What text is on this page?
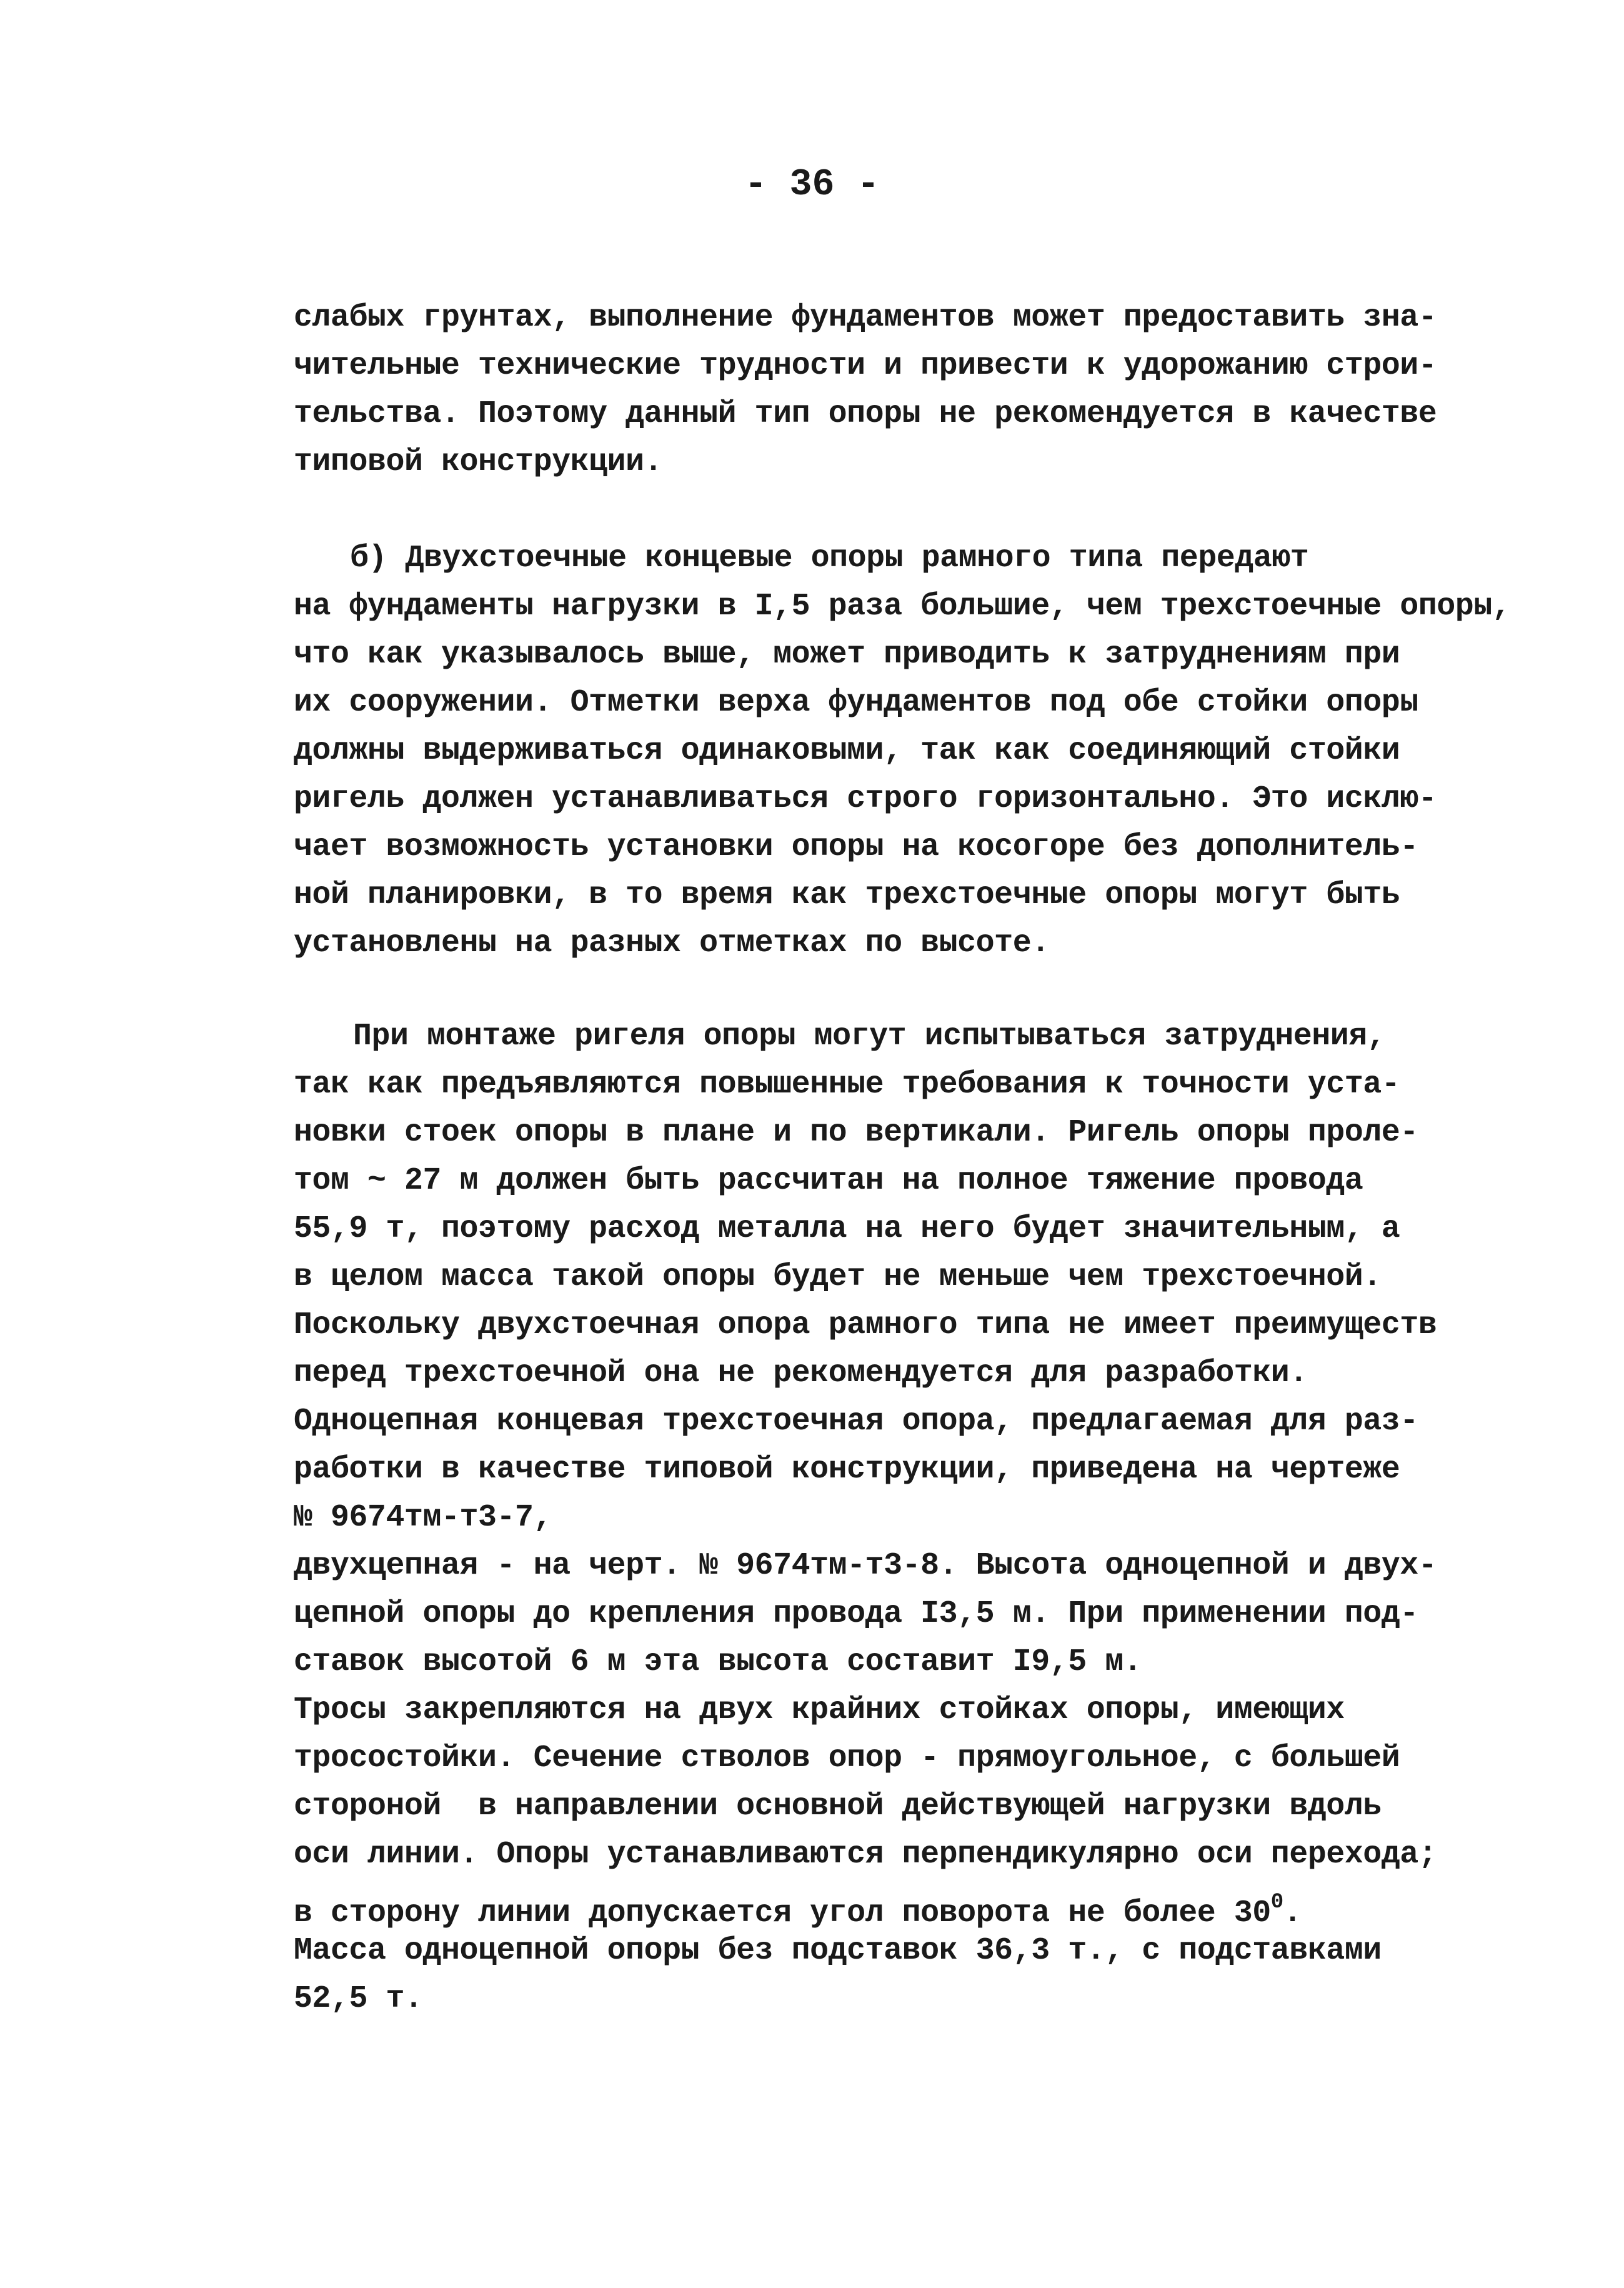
- 36 -
слабых грунтах, выполнение фундаментов может предоставить зна-
чительные технические трудности и привести к удорожанию строи-
тельства. Поэтому данный тип опоры не рекомендуется в качестве
типовой конструкции.
б) Двухстоечные концевые опоры рамного типа передают
на фундаменты нагрузки в I,5 раза большие, чем трехстоечные опоры,
что как указывалось выше, может приводить к затруднениям при
их сооружении. Отметки верха фундаментов под обе стойки опоры
должны выдерживаться одинаковыми, так как соединяющий стойки
ригель должен устанавливаться строго горизонтально. Это исклю-
чает возможность установки опоры на косогоре без дополнитель-
ной планировки, в то время как трехстоечные опоры могут быть
установлены на разных отметках по высоте.
При монтаже ригеля опоры могут испытываться затруднения,
так как предъявляются повышенные требования к точности уста-
новки стоек опоры в плане и по вертикали. Ригель опоры проле-
том ~ 27 м должен быть рассчитан на полное тяжение провода
55,9 т, поэтому расход металла на него будет значительным, а
в целом масса такой опоры будет не меньше чем трехстоечной.
Поскольку двухстоечная опора рамного типа не имеет преимуществ
перед трехстоечной она не рекомендуется для разработки.
Одноцепная концевая трехстоечная опора, предлагаемая для раз-
работки в качестве типовой конструкции, приведена на чертеже
№ 9674тм-т3-7,
двухцепная - на черт. № 9674тм-т3-8. Высота одноцепной и двух-
цепной опоры до крепления провода I3,5 м. При применении под-
ставок высотой 6 м эта высота составит I9,5 м.
Тросы закрепляются на двух крайних стойках опоры, имеющих
тросостойки. Сечение стволов опор - прямоугольное, с большей
стороной  в направлении основной действующей нагрузки вдоль
оси линии. Опоры устанавливаются перпендикулярно оси перехода;
в сторону линии допускается угол поворота не более $30^0$.
Масса одноцепной опоры без подставок 36,3 т., с подставками
52,5 т.
